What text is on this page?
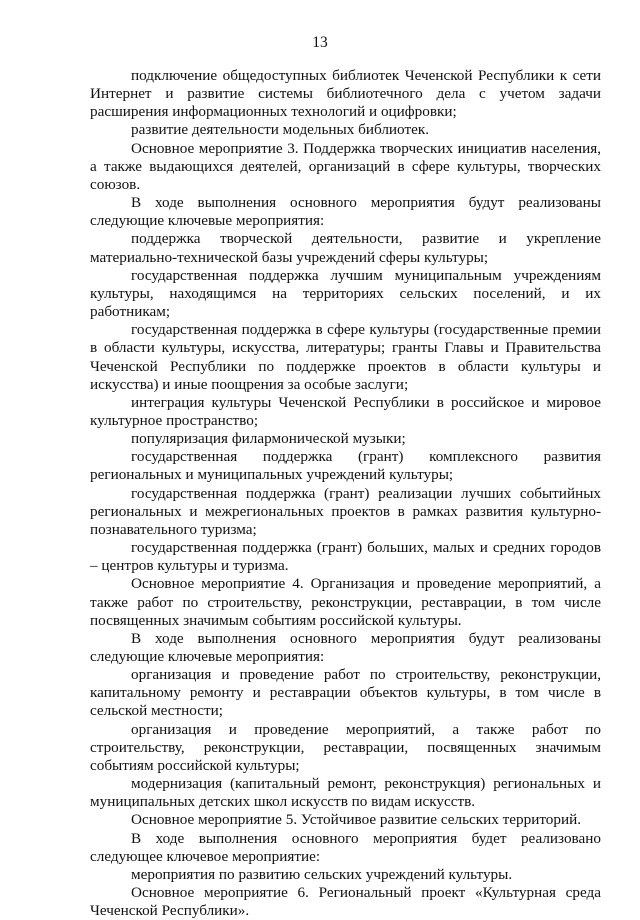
13

подключение общедоступных библиотек Чеченской Республики к сети Интернет и развитие системы библиотечного дела с учетом задачи расширения информационных технологий и оцифровки;

развитие деятельности модельных библиотек.

Основное мероприятие 3. Поддержка творческих инициатив населения, а также выдающихся деятелей, организаций в сфере культуры, творческих союзов.

В ходе выполнения основного мероприятия будут реализованы следующие ключевые мероприятия:

поддержка творческой деятельности, развитие и укрепление материально-технической базы учреждений сферы культуры;

государственная поддержка лучшим муниципальным учреждениям культуры, находящимся на территориях сельских поселений, и их работникам;

государственная поддержка в сфере культуры (государственные премии в области культуры, искусства, литературы; гранты Главы и Правительства Чеченской Республики по поддержке проектов в области культуры и искусства) и иные поощрения за особые заслуги;

интеграция культуры Чеченской Республики в российское и мировое культурное пространство;

популяризация филармонической музыки;

государственная поддержка (грант) комплексного развития региональных и муниципальных учреждений культуры;

государственная поддержка (грант) реализации лучших событийных региональных и межрегиональных проектов в рамках развития культурно-познавательного туризма;

государственная поддержка (грант) больших, малых и средних городов – центров культуры и туризма.

Основное мероприятие 4. Организация и проведение мероприятий, а также работ по строительству, реконструкции, реставрации, в том числе посвященных значимым событиям российской культуры.

В ходе выполнения основного мероприятия будут реализованы следующие ключевые мероприятия:

организация и проведение работ по строительству, реконструкции, капитальному ремонту и реставрации объектов культуры, в том числе в сельской местности;

организация и проведение мероприятий, а также работ по строительству, реконструкции, реставрации, посвященных значимым событиям российской культуры;

модернизация (капитальный ремонт, реконструкция) региональных и муниципальных детских школ искусств по видам искусств.

Основное мероприятие 5. Устойчивое развитие сельских территорий.

В ходе выполнения основного мероприятия будет реализовано следующее ключевое мероприятие:

мероприятия по развитию сельских учреждений культуры.

Основное мероприятие 6. Региональный проект «Культурная среда Чеченской Республики».
